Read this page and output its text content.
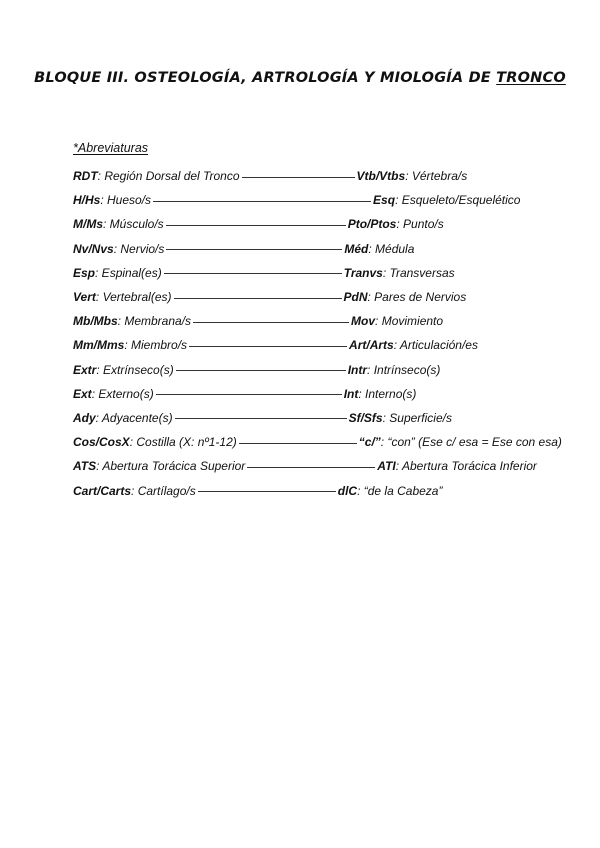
BLOQUE III. OSTEOLOGÍA, ARTROLOGÍA Y MIOLOGÍA DE TRONCO
*Abreviaturas
RDT: Región Dorsal del Tronco	Vtb/Vtbs: Vértebra/s
H/Hs: Hueso/s	Esq: Esqueleto/Esquelético
M/Ms: Músculo/s	Pto/Ptos: Punto/s
Nv/Nvs: Nervio/s	Méd: Médula
Esp: Espinal(es)	Tranvs: Transversas
Vert: Vertebral(es)	PdN: Pares de Nervios
Mb/Mbs: Membrana/s	Mov: Movimiento
Mm/Mms: Miembro/s	Art/Arts: Articulación/es
Extr: Extrínseco(s)	Intr: Intrínseco(s)
Ext: Externo(s)	Int: Interno(s)
Ady: Adyacente(s)	Sf/Sfs: Superficie/s
Cos/CosX: Costilla (X: nº1-12)	“c/”: “con” (Ese c/ esa = Ese con esa)
ATS: Abertura Torácica Superior	ATI: Abertura Torácica Inferior
Cart/Carts: Cartílago/s	dlC: “de la Cabeza”
